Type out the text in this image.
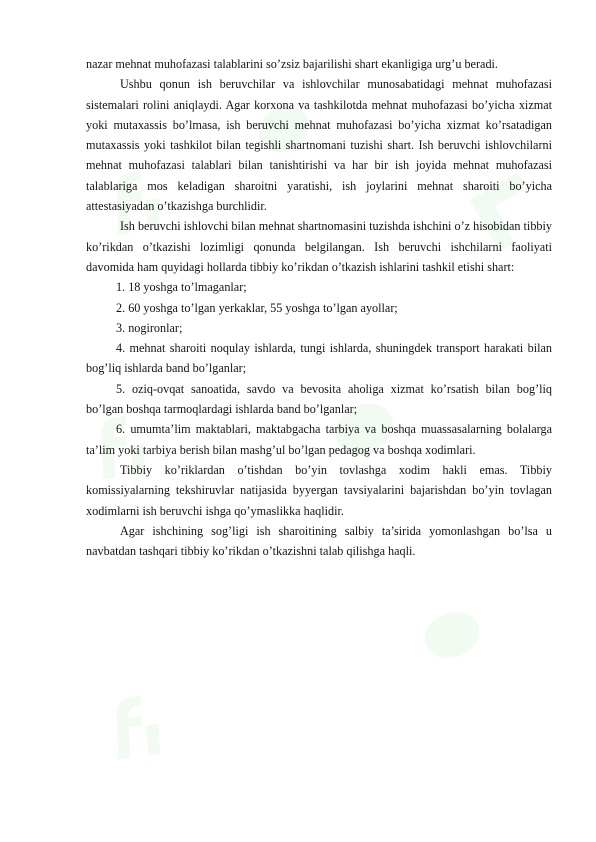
nazar mehnat muhofazasi talablarini so’zsiz bajarilishi shart ekanligiga urg’u beradi.

Ushbu qonun ish beruvchilar va ishlovchilar munosabatidagi mehnat muhofazasi sistemalari rolini aniqlaydi. Agar korxona va tashkilotda mehnat muhofazasi bo’yicha xizmat yoki mutaxassis bo’lmasa, ish beruvchi mehnat muhofazasi bo’yicha xizmat ko’rsatadigan mutaxassis yoki tashkilot bilan tegishli shartnomani tuzishi shart. Ish beruvchi ishlovchilarni mehnat muhofazasi talablari bilan tanishtirishi va har bir ish joyida mehnat muhofazasi talablariga mos keladigan sharoitni yaratishi, ish joylarini mehnat sharoiti bo’yicha attestasiyadan o’tkazishga burchlidir.

Ish beruvchi ishlovchi bilan mehnat shartnomasini tuzishda ishchini o’z hisobidan tibbiy ko’rikdan o’tkazishi lozimligi qonunda belgilangan. Ish beruvchi ishchilarni faoliyati davomida ham quyidagi hollarda tibbiy ko’rikdan o’tkazish ishlarini tashkil etishi shart:

1. 18 yoshga to’lmaganlar;

2. 60 yoshga to’lgan yerkaklar, 55 yoshga to’lgan ayollar;

3. nogironlar;

4. mehnat sharoiti noqulay ishlarda, tungi ishlarda, shuningdek transport harakati bilan bog’liq ishlarda band bo’lganlar;

5. oziq-ovqat sanoatida, savdo va bevosita aholiga xizmat ko’rsatish bilan bog’liq bo’lgan boshqa tarmoqlardagi ishlarda band bo’lganlar;

6. umumta’lim maktablari, maktabgacha tarbiya va boshqa muassasalarning bolalarga ta’lim yoki tarbiya berish bilan mashg’ul bo’lgan pedagog va boshqa xodimlari.

Tibbiy ko’riklardan o’tishdan bo’yin tovlashga xodim hakli emas. Tibbiy komissiyalarning tekshiruvlar natijasida byyergan tavsiyalarini bajarishdan bo’yin tovlagan xodimlarni ish beruvchi ishga qo’ymaslikka haqlidir.

Agar ishchining sog’ligi ish sharoitining salbiy ta’sirida yomonlashgan bo’lsa u navbatdan tashqari tibbiy ko’rikdan o’tkazishni talab qilishga haqli.
